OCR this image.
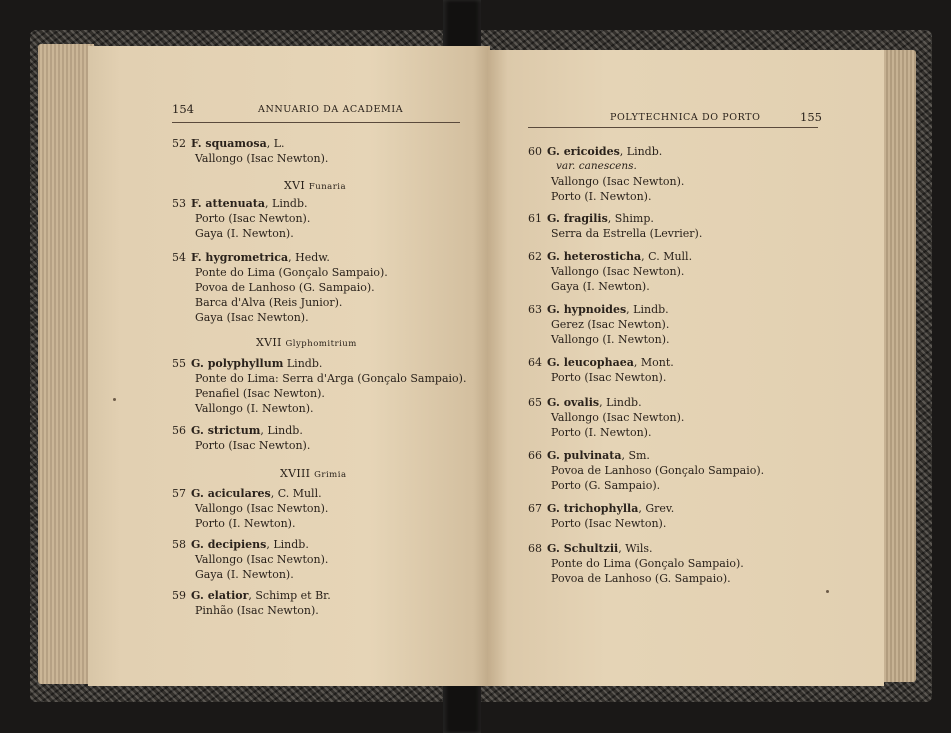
154	ANNUARIO DA ACADEMIA
52 F. squamosa, L.
Vallongo (Isac Newton).
XVI Funaria
53 F. attenuata, Lindb.
Porto (Isac Newton).
Gaya (I. Newton).
54 F. hygrometrica, Hedw.
Ponte do Lima (Gonçalo Sampaio).
Povoa de Lanhoso (G. Sampaio).
Barca d'Alva (Reis Junior).
Gaya (Isac Newton).
XVII Glyphomitrium
55 G. polyphyllum Lindb.
Ponte do Lima: Serra d'Arga (Gonçalo Sampaio).
Penafiel (Isac Newton).
Vallongo (I. Newton).
56 G. strictum, Lindb.
Porto (Isac Newton).
XVIII Grimia
57 G. aciculares, C. Mull.
Vallongo (Isac Newton).
Porto (I. Newton).
58 G. decipiens, Lindb.
Vallongo (Isac Newton).
Gaya (I. Newton).
59 G. elatior, Schimp et Br.
Pinhão (Isac Newton).
POLYTECHNICA DO PORTO	155
60 G. ericoides, Lindb.
var. canescens.
Vallongo (Isac Newton).
Porto (I. Newton).
61 G. fragilis, Shimp.
Serra da Estrella (Levrier).
62 G. heterosticha, C. Mull.
Vallongo (Isac Newton).
Gaya (I. Newton).
63 G. hypnoides, Lindb.
Gerez (Isac Newton).
Vallongo (I. Newton).
64 G. leucophaea, Mont.
Porto (Isac Newton).
65 G. ovalis, Lindb.
Vallongo (Isac Newton).
Porto (I. Newton).
66 G. pulvinata, Sm.
Povoa de Lanhoso (Gonçalo Sampaio).
Porto (G. Sampaio).
67 G. trichophylla, Grev.
Porto (Isac Newton).
68 G. Schultzii, Wils.
Ponte do Lima (Gonçalo Sampaio).
Povoa de Lanhoso (G. Sampaio).
